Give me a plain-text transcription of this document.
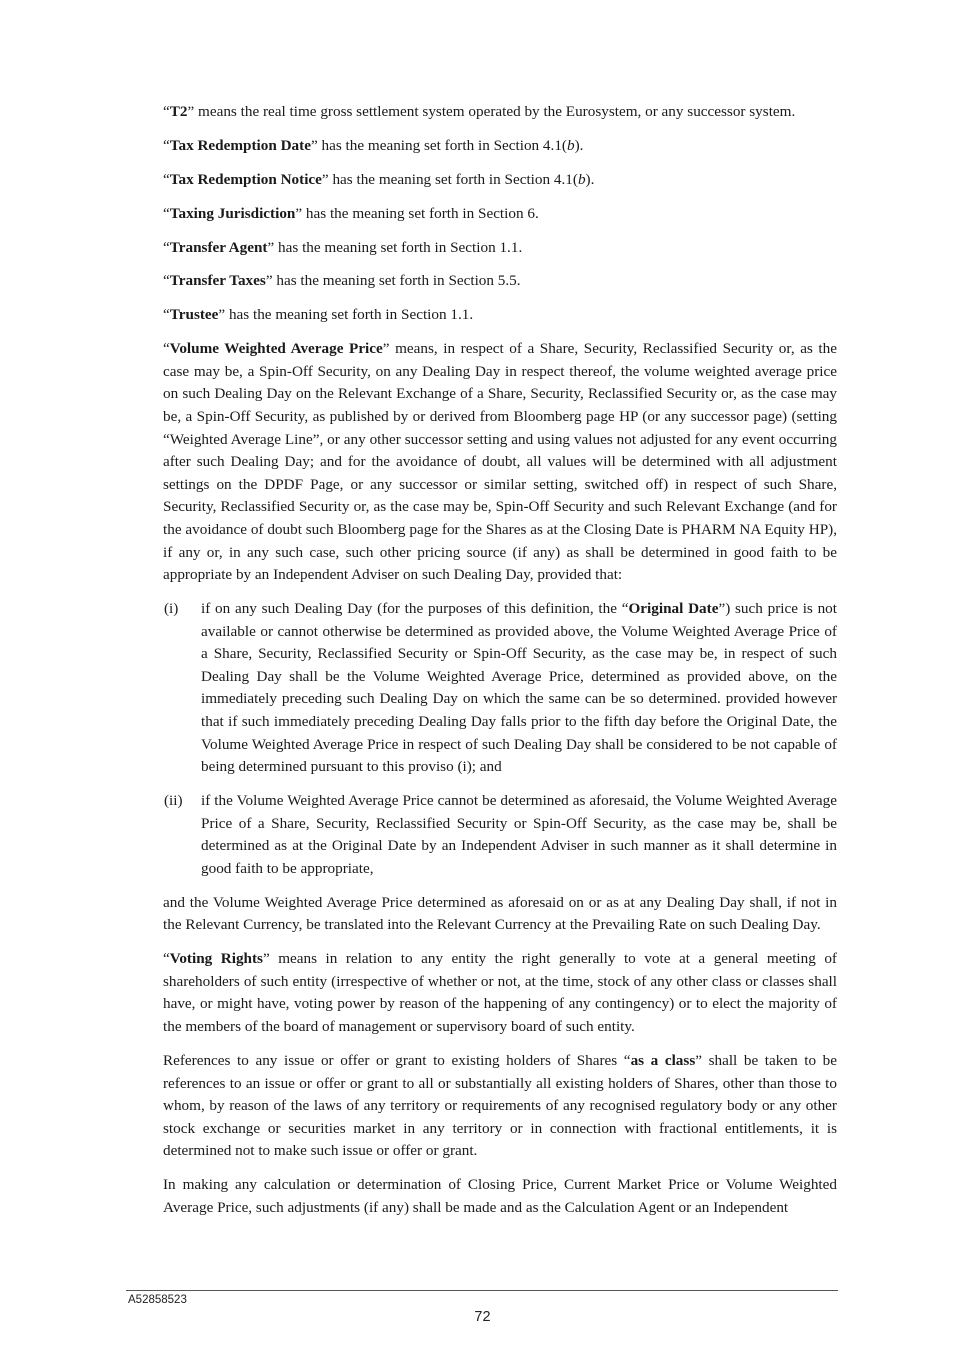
“T2” means the real time gross settlement system operated by the Eurosystem, or any successor system.

“Tax Redemption Date” has the meaning set forth in Section 4.1(b).

“Tax Redemption Notice” has the meaning set forth in Section 4.1(b).

“Taxing Jurisdiction” has the meaning set forth in Section 6.

“Transfer Agent” has the meaning set forth in Section 1.1.

“Transfer Taxes” has the meaning set forth in Section 5.5.

“Trustee” has the meaning set forth in Section 1.1.

“Volume Weighted Average Price” means, in respect of a Share, Security, Reclassified Security or, as the case may be, a Spin-Off Security, on any Dealing Day in respect thereof, the volume weighted average price on such Dealing Day on the Relevant Exchange of a Share, Security, Reclassified Security or, as the case may be, a Spin-Off Security, as published by or derived from Bloomberg page HP (or any successor page) (setting “Weighted Average Line”, or any other successor setting and using values not adjusted for any event occurring after such Dealing Day; and for the avoidance of doubt, all values will be determined with all adjustment settings on the DPDF Page, or any successor or similar setting, switched off) in respect of such Share, Security, Reclassified Security or, as the case may be, Spin-Off Security and such Relevant Exchange (and for the avoidance of doubt such Bloomberg page for the Shares as at the Closing Date is PHARM NA Equity HP), if any or, in any such case, such other pricing source (if any) as shall be determined in good faith to be appropriate by an Independent Adviser on such Dealing Day, provided that:

(i) if on any such Dealing Day (for the purposes of this definition, the “Original Date”) such price is not available or cannot otherwise be determined as provided above, the Volume Weighted Average Price of a Share, Security, Reclassified Security or Spin-Off Security, as the case may be, in respect of such Dealing Day shall be the Volume Weighted Average Price, determined as provided above, on the immediately preceding such Dealing Day on which the same can be so determined. provided however that if such immediately preceding Dealing Day falls prior to the fifth day before the Original Date, the Volume Weighted Average Price in respect of such Dealing Day shall be considered to be not capable of being determined pursuant to this proviso (i); and
(ii) if the Volume Weighted Average Price cannot be determined as aforesaid, the Volume Weighted Average Price of a Share, Security, Reclassified Security or Spin-Off Security, as the case may be, shall be determined as at the Original Date by an Independent Adviser in such manner as it shall determine in good faith to be appropriate,

and the Volume Weighted Average Price determined as aforesaid on or as at any Dealing Day shall, if not in the Relevant Currency, be translated into the Relevant Currency at the Prevailing Rate on such Dealing Day.

“Voting Rights” means in relation to any entity the right generally to vote at a general meeting of shareholders of such entity (irrespective of whether or not, at the time, stock of any other class or classes shall have, or might have, voting power by reason of the happening of any contingency) or to elect the majority of the members of the board of management or supervisory board of such entity.

References to any issue or offer or grant to existing holders of Shares “as a class” shall be taken to be references to an issue or offer or grant to all or substantially all existing holders of Shares, other than those to whom, by reason of the laws of any territory or requirements of any recognised regulatory body or any other stock exchange or securities market in any territory or in connection with fractional entitlements, it is determined not to make such issue or offer or grant.

In making any calculation or determination of Closing Price, Current Market Price or Volume Weighted Average Price, such adjustments (if any) shall be made and as the Calculation Agent or an Independent

A52858523
72
